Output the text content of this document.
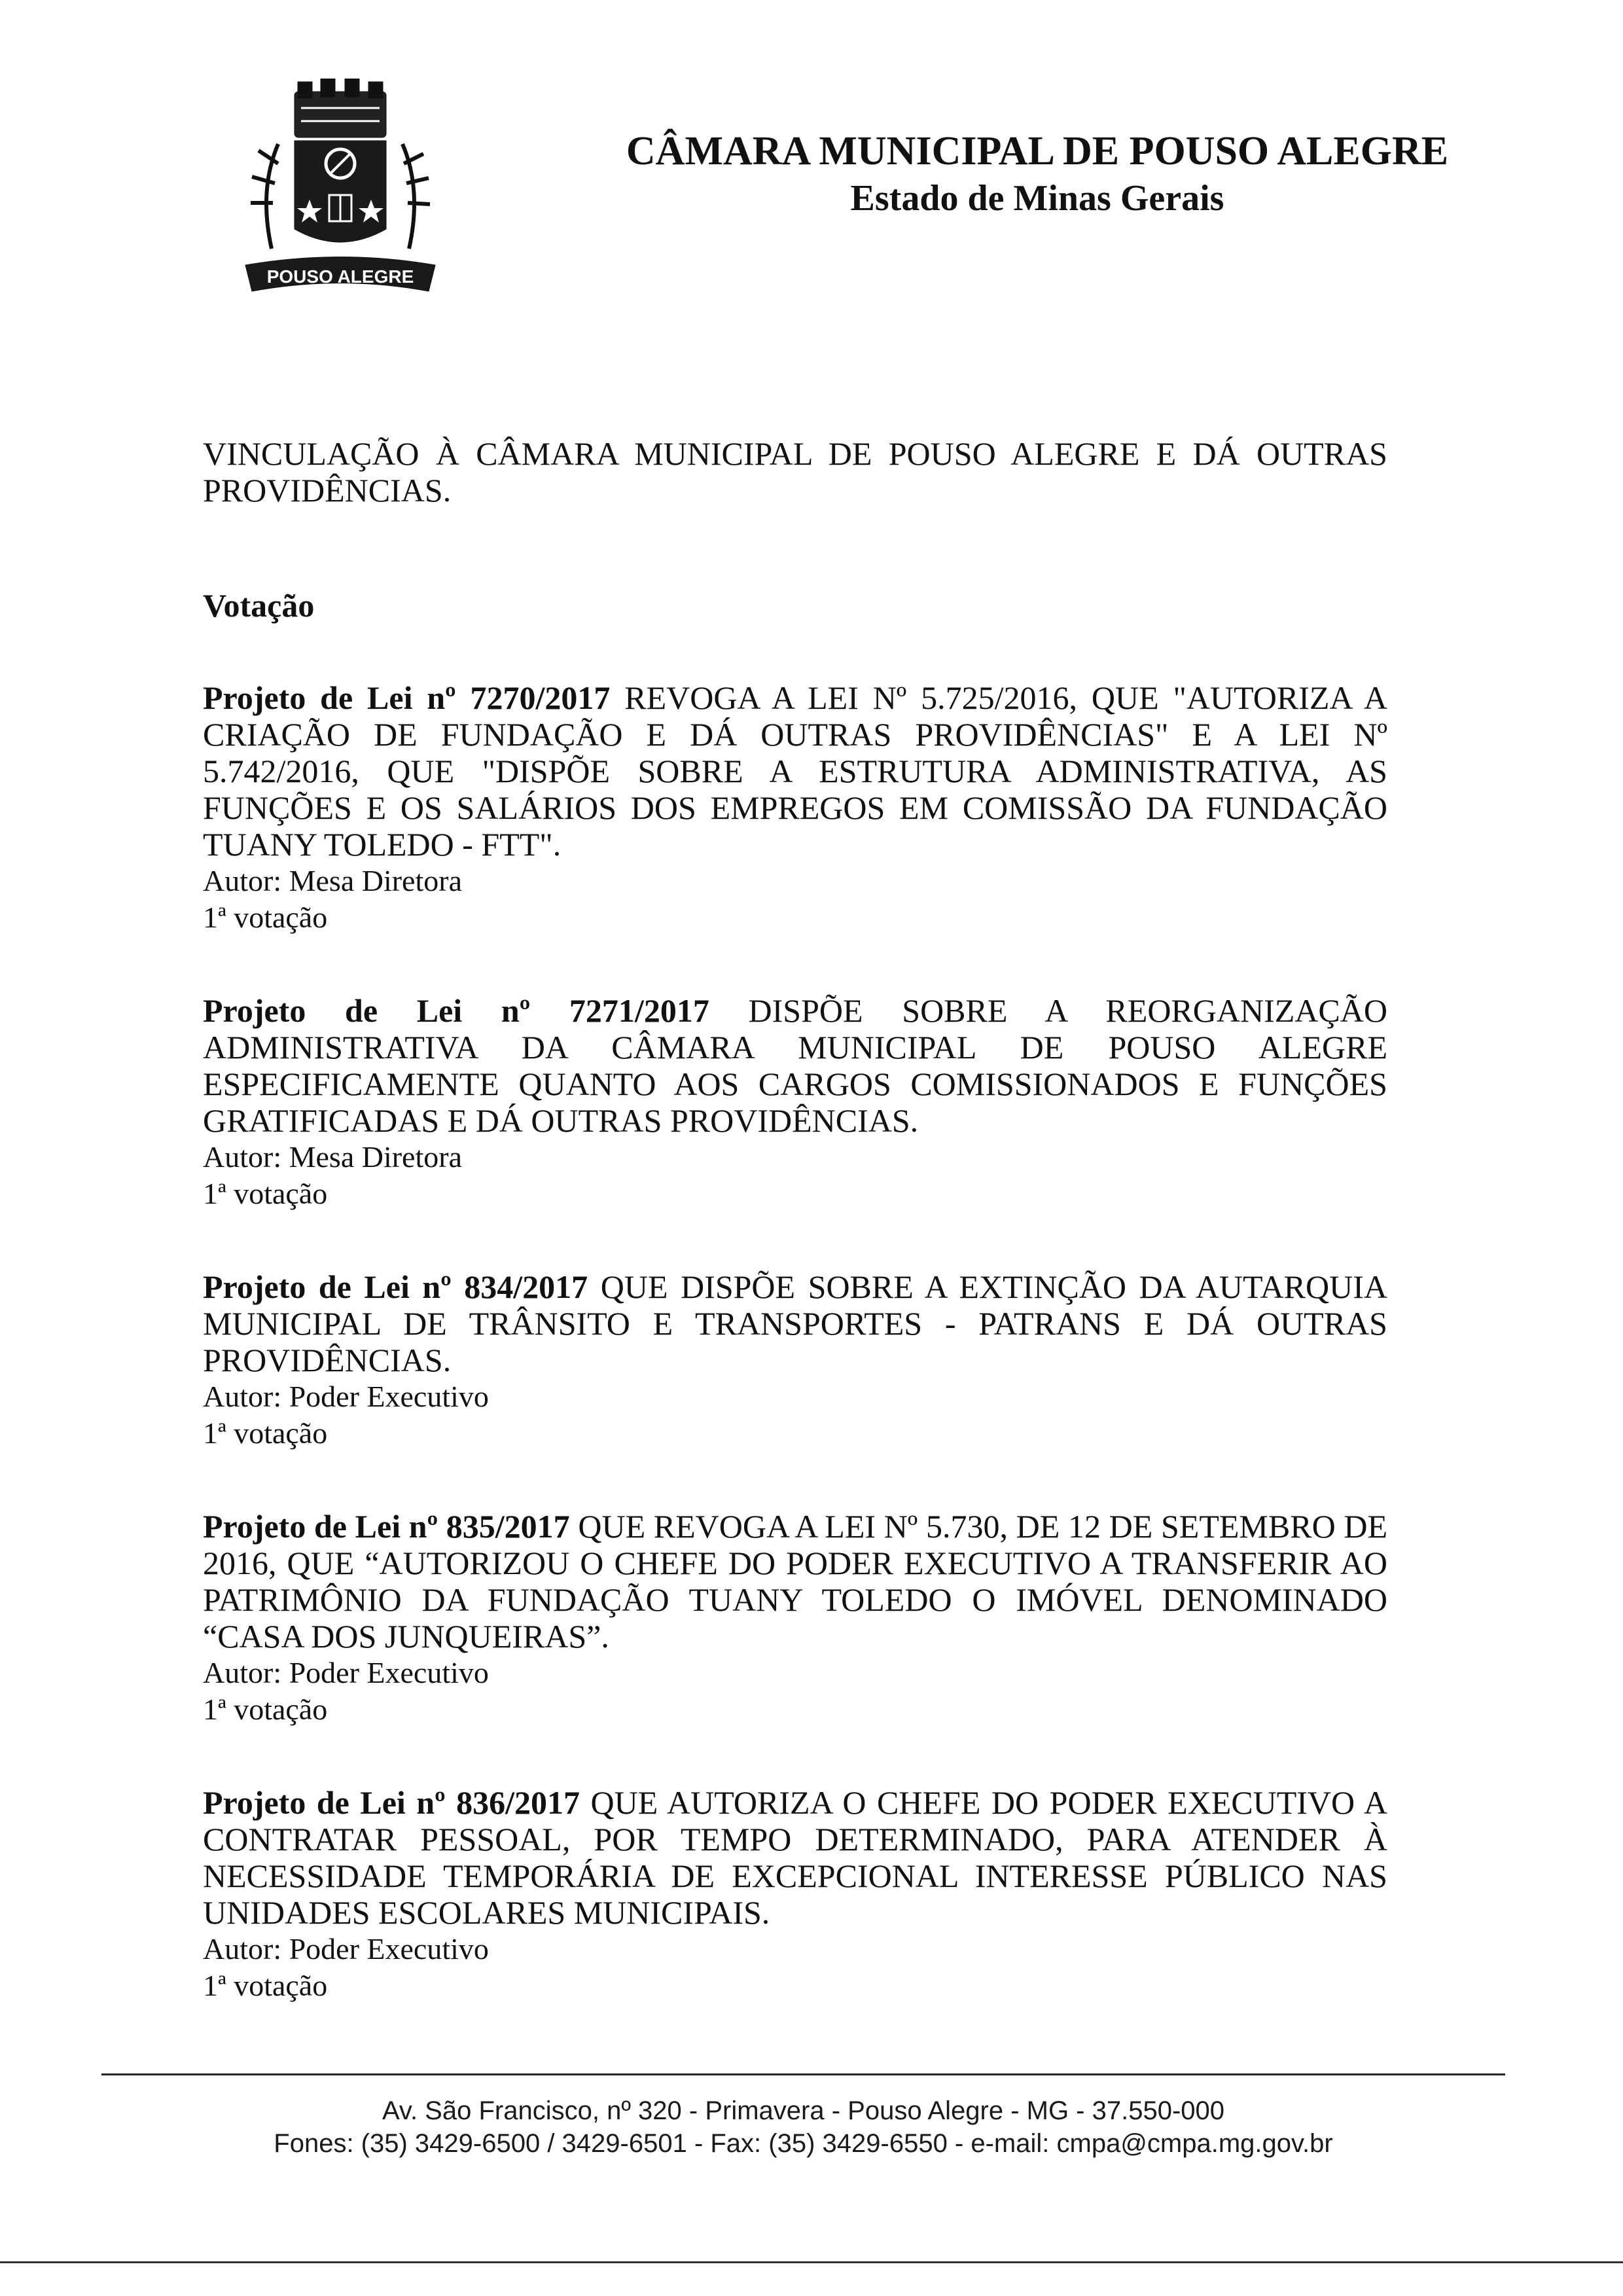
POUSO ALEGRE
CÂMARA MUNICIPAL DE POUSO ALEGRE
Estado de Minas Gerais

VINCULAÇÃO À CÂMARA MUNICIPAL DE POUSO ALEGRE E DÁ OUTRAS PROVIDÊNCIAS.

Votação

Projeto de Lei nº 7270/2017 REVOGA A LEI Nº 5.725/2016, QUE "AUTORIZA A CRIAÇÃO DE FUNDAÇÃO E DÁ OUTRAS PROVIDÊNCIAS" E A LEI Nº 5.742/2016, QUE "DISPÕE SOBRE A ESTRUTURA ADMINISTRATIVA, AS FUNÇÕES E OS SALÁRIOS DOS EMPREGOS EM COMISSÃO DA FUNDAÇÃO TUANY TOLEDO - FTT".

Autor: Mesa Diretora

1ª votação

Projeto de Lei nº 7271/2017 DISPÕE SOBRE A REORGANIZAÇÃO ADMINISTRATIVA DA CÂMARA MUNICIPAL DE POUSO ALEGRE ESPECIFICAMENTE QUANTO AOS CARGOS COMISSIONADOS E FUNÇÕES GRATIFICADAS E DÁ OUTRAS PROVIDÊNCIAS.

Autor: Mesa Diretora

1ª votação

Projeto de Lei nº 834/2017 QUE DISPÕE SOBRE A EXTINÇÃO DA AUTARQUIA MUNICIPAL DE TRÂNSITO E TRANSPORTES - PATRANS E DÁ OUTRAS PROVIDÊNCIAS.

Autor: Poder Executivo

1ª votação

Projeto de Lei nº 835/2017 QUE REVOGA A LEI Nº 5.730, DE 12 DE SETEMBRO DE 2016, QUE “AUTORIZOU O CHEFE DO PODER EXECUTIVO A TRANSFERIR AO PATRIMÔNIO DA FUNDAÇÃO TUANY TOLEDO O IMÓVEL DENOMINADO “CASA DOS JUNQUEIRAS”.

Autor: Poder Executivo

1ª votação

Projeto de Lei nº 836/2017 QUE AUTORIZA O CHEFE DO PODER EXECUTIVO A CONTRATAR PESSOAL, POR TEMPO DETERMINADO, PARA ATENDER À NECESSIDADE TEMPORÁRIA DE EXCEPCIONAL INTERESSE PÚBLICO NAS UNIDADES ESCOLARES MUNICIPAIS.

Autor: Poder Executivo

1ª votação

Av. São Francisco, nº 320 - Primavera - Pouso Alegre - MG - 37.550-000
Fones: (35) 3429-6500 / 3429-6501 - Fax: (35) 3429-6550 - e-mail: cmpa@cmpa.mg.gov.br
